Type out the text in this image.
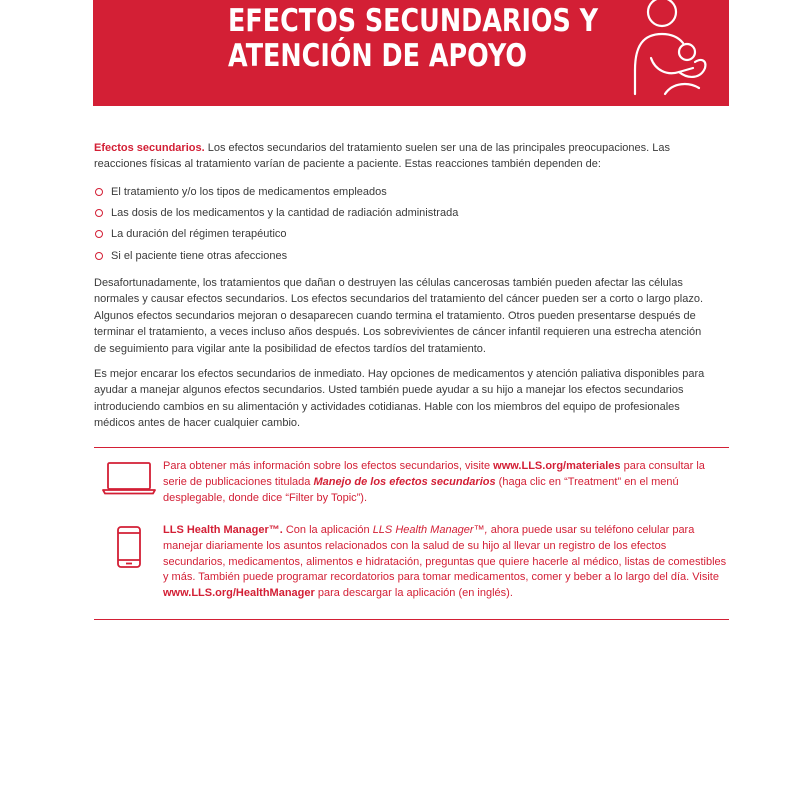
EFECTOS SECUNDARIOS Y
ATENCIÓN DE APOYO

Efectos secundarios. Los efectos secundarios del tratamiento suelen ser una de las principales preocupaciones. Las reacciones físicas al tratamiento varían de paciente a paciente. Estas reacciones también dependen de:

El tratamiento y/o los tipos de medicamentos empleados
Las dosis de los medicamentos y la cantidad de radiación administrada
La duración del régimen terapéutico
Si el paciente tiene otras afecciones

Desafortunadamente, los tratamientos que dañan o destruyen las células cancerosas también pueden afectar las células normales y causar efectos secundarios. Los efectos secundarios del tratamiento del cáncer pueden ser a corto o largo plazo. Algunos efectos secundarios mejoran o desaparecen cuando termina el tratamiento. Otros pueden presentarse después de terminar el tratamiento, a veces incluso años después. Los sobrevivientes de cáncer infantil requieren una estrecha atención de seguimiento para vigilar ante la posibilidad de efectos tardíos del tratamiento.

Es mejor encarar los efectos secundarios de inmediato. Hay opciones de medicamentos y atención paliativa disponibles para ayudar a manejar algunos efectos secundarios. Usted también puede ayudar a su hijo a manejar los efectos secundarios introduciendo cambios en su alimentación y actividades cotidianas. Hable con los miembros del equipo de profesionales médicos antes de hacer cualquier cambio.

Para obtener más información sobre los efectos secundarios, visite www.LLS.org/materiales para consultar la serie de publicaciones titulada Manejo de los efectos secundarios (haga clic en “Treatment” en el menú desplegable, donde dice “Filter by Topic”).
LLS Health Manager™. Con la aplicación LLS Health Manager™, ahora puede usar su teléfono celular para manejar diariamente los asuntos relacionados con la salud de su hijo al llevar un registro de los efectos secundarios, medicamentos, alimentos e hidratación, preguntas que quiere hacerle al médico, listas de comestibles y más. También puede programar recordatorios para tomar medicamentos, comer y beber a lo largo del día. Visite www.LLS.org/HealthManager para descargar la aplicación (en inglés).
